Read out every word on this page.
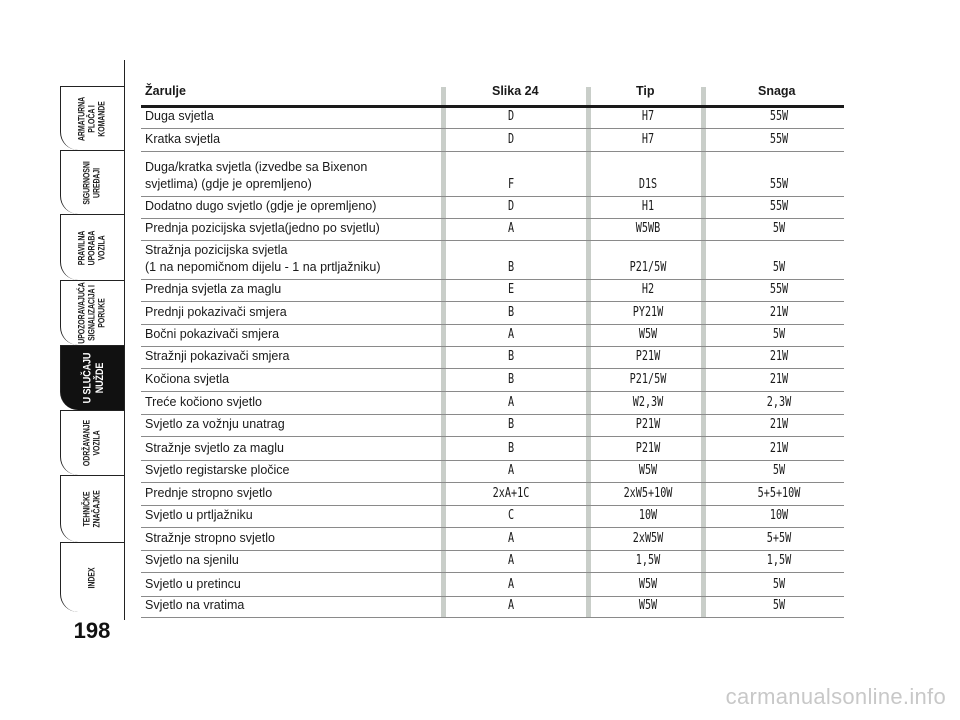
ARMATURNA
PLOČA I
KOMANDE
SIGURNOSNI
UREĐAJI
PRAVILNA
UPORABA
VOZILA
UPOZORAVAJUĆA
SIGNALIZACIJA I
PORUKE
U SLUČAJU
NUŽDE
ODRŽAVANJE
VOZILA
TEHNIČKE
ZNAČAJKE
INDEX
198
Žarulje	Slika 24	Tip	Snaga
Duga svjetla	D	H7	55W
Kratka svjetla	D	H7	55W
Duga/kratka svjetla (izvedbe sa Bixenon
svjetlima) (gdje je opremljeno)	F	D1S	55W
Dodatno dugo svjetlo (gdje je opremljeno)	D	H1	55W
Prednja pozicijska svjetla(jedno po svjetlu)	A	W5WB	5W
Stražnja pozicijska svjetla
(1 na nepomičnom dijelu - 1 na prtljažniku)	B	P21/5W	5W
Prednja svjetla za maglu	E	H2	55W
Prednji pokazivači smjera	B	PY21W	21W
Bočni pokazivači smjera	A	W5W	5W
Stražnji pokazivači smjera	B	P21W	21W
Kočiona svjetla	B	P21/5W	21W
Treće kočiono svjetlo	A	W2,3W	2,3W
Svjetlo za vožnju unatrag	B	P21W	21W
Stražnje svjetlo za maglu	B	P21W	21W
Svjetlo registarske pločice	A	W5W	5W
Prednje stropno svjetlo	2xA+1C	2xW5+10W	5+5+10W
Svjetlo u prtljažniku	C	10W	10W
Stražnje stropno svjetlo	A	2xW5W	5+5W
Svjetlo na sjenilu	A	1,5W	1,5W
Svjetlo u pretincu	A	W5W	5W
Svjetlo na vratima	A	W5W	5W
carmanualsonline.info
